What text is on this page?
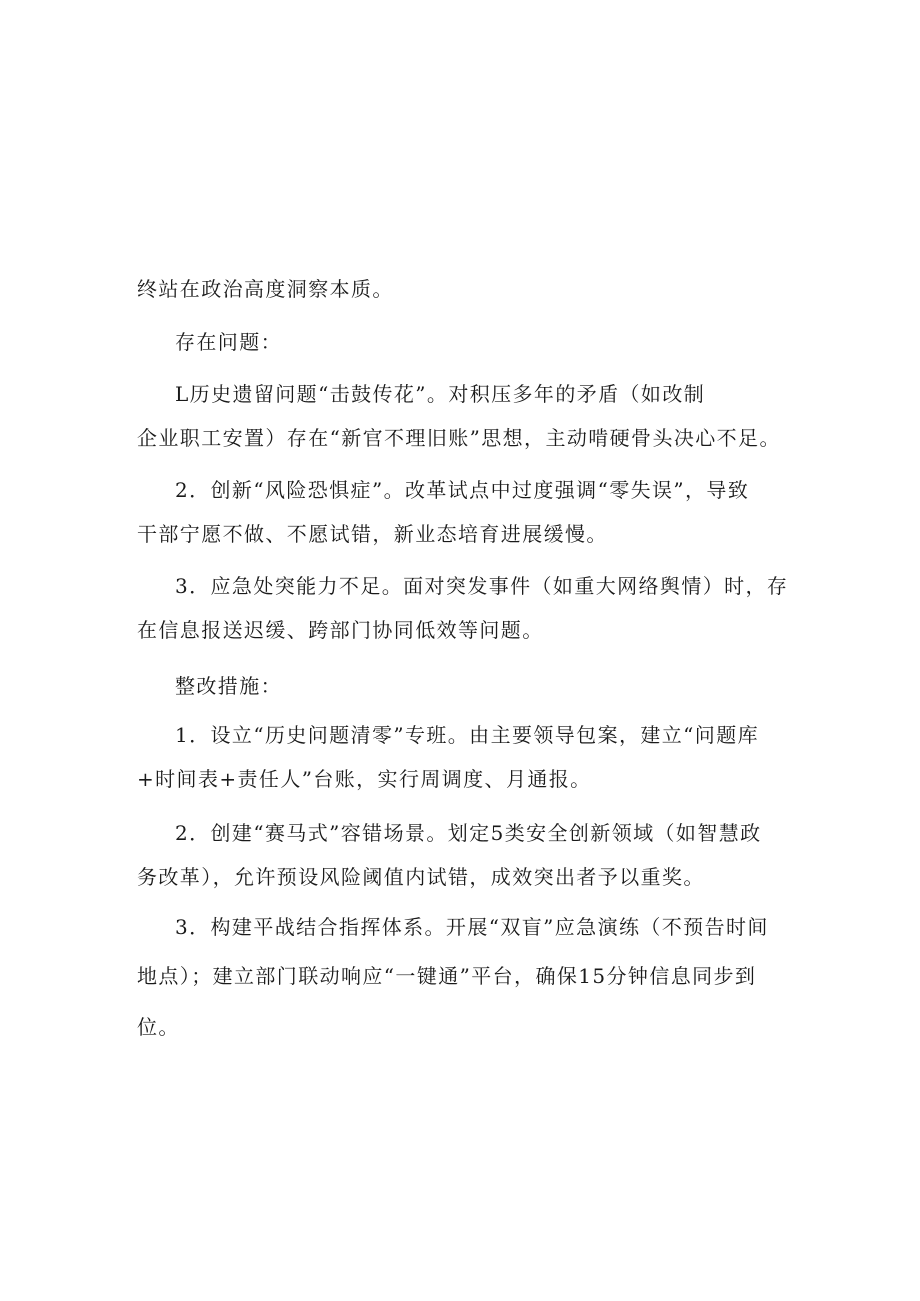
终站在政治高度洞察本质。
存在问题：
L历史遗留问题“击鼓传花”。对积压多年的矛盾（如改制
企业职工安置）存在“新官不理旧账”思想，主动啃硬骨头决心不足。
2．创新“风险恐惧症”。改革试点中过度强调“零失误”，导致
干部宁愿不做、不愿试错，新业态培育进展缓慢。
3．应急处突能力不足。面对突发事件（如重大网络舆情）时，存
在信息报送迟缓、跨部门协同低效等问题。
整改措施：
1．设立“历史问题清零”专班。由主要领导包案，建立“问题库
+时间表+责任人”台账，实行周调度、月通报。
2．创建“赛马式”容错场景。划定5类安全创新领域（如智慧政
务改革），允许预设风险阈值内试错，成效突出者予以重奖。
3．构建平战结合指挥体系。开展“双盲”应急演练（不预告时间
地点）；建立部门联动响应“一键通”平台，确保15分钟信息同步到
位。
